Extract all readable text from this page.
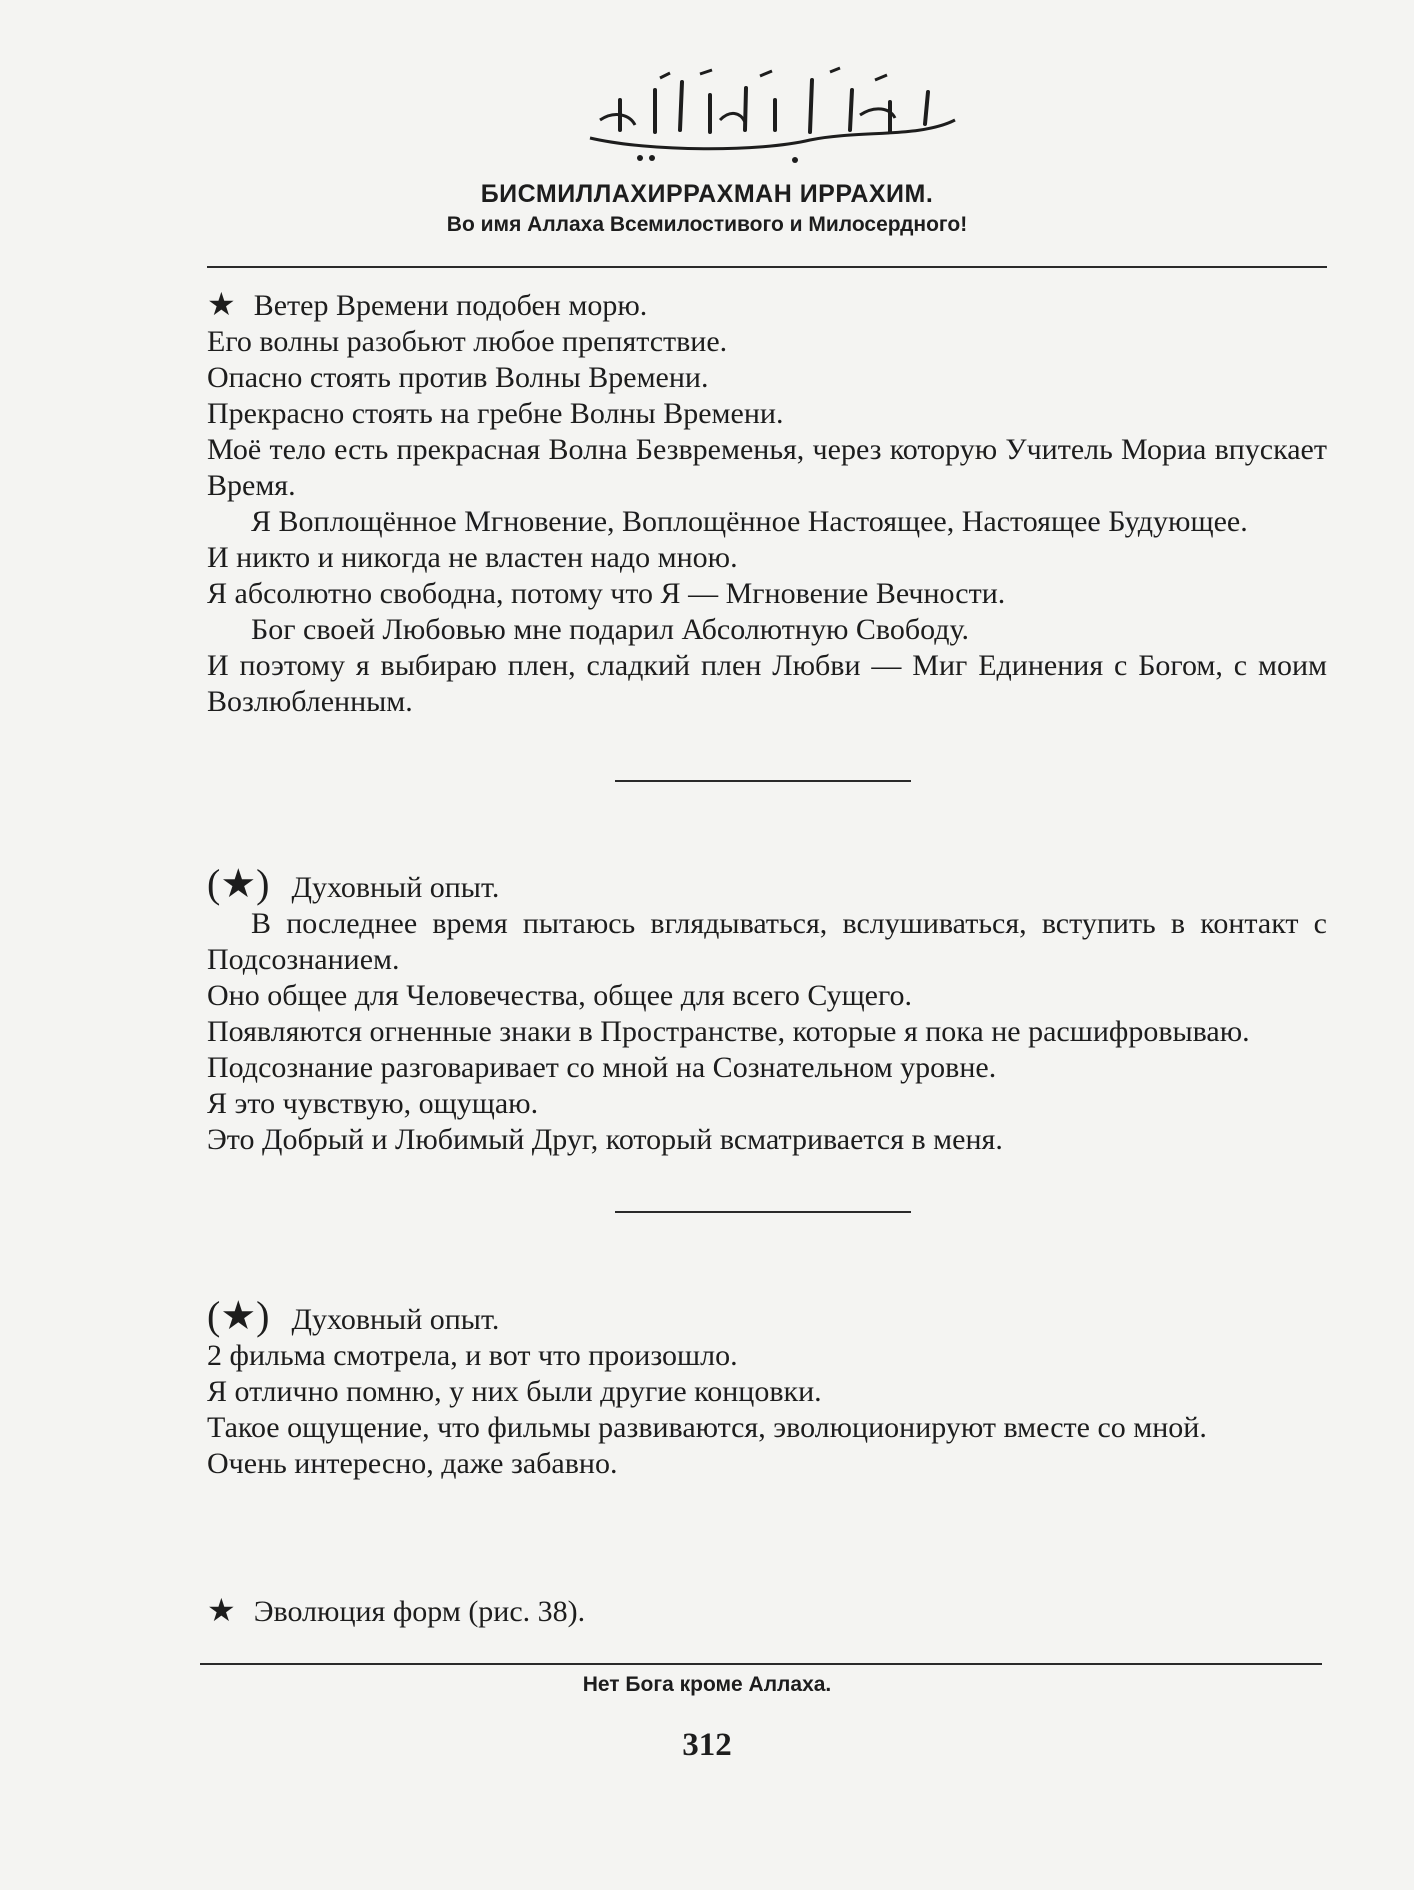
БИСМИЛЛАХИРРАХМАН ИРРАХИМ.
Во имя Аллаха Всемилостивого и Милосердного!

★ Ветер Времени подобен морю.

Его волны разобьют любое препятствие.

Опасно стоять против Волны Времени.

Прекрасно стоять на гребне Волны Времени.

Моё тело есть прекрасная Волна Безвременья, через которую Учитель Мориа впускает Время.

Я Воплощённое Мгновение, Воплощённое Настоящее, Настоящее Будующее.

И никто и никогда не властен надо мною.

Я абсолютно свободна, потому что Я — Мгновение Вечности.

Бог своей Любовью мне подарил Абсолютную Свободу.

И поэтому я выбираю плен, сладкий плен Любви — Миг Единения с Богом, с моим Возлюбленным.

(★) Духовный опыт.

В последнее время пытаюсь вглядываться, вслушиваться, вступить в контакт с Подсознанием.

Оно общее для Человечества, общее для всего Сущего.

Появляются огненные знаки в Пространстве, которые я пока не расшифровываю.

Подсознание разговаривает со мной на Сознательном уровне.

Я это чувствую, ощущаю.

Это Добрый и Любимый Друг, который всматривается в меня.

(★) Духовный опыт.

2 фильма смотрела, и вот что произошло.

Я отлично помню, у них были другие концовки.

Такое ощущение, что фильмы развиваются, эволюционируют вместе со мной.

Очень интересно, даже забавно.

★ Эволюция форм (рис. 38).

Нет Бога кроме Аллаха.
312
